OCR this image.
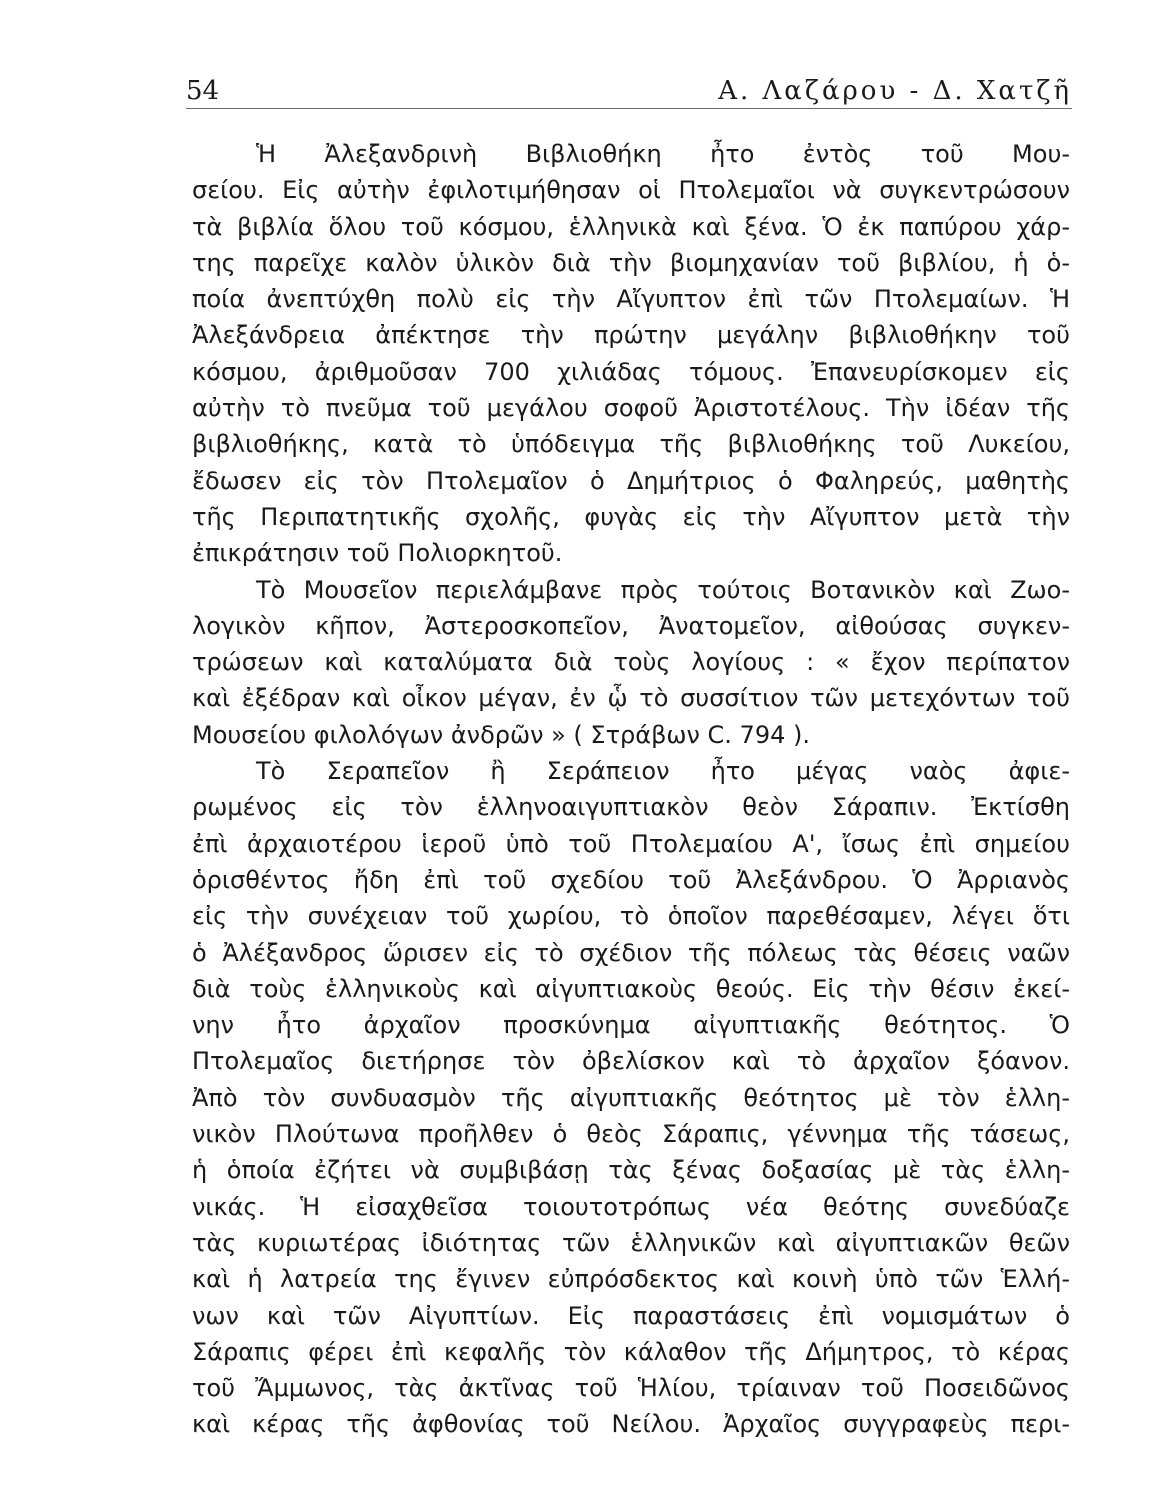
54	Α. Λαζάρου - Δ. Χατζῆ
Ἡ Ἀλεξανδρινὴ Βιβλιοθήκη ἦτο ἐντὸς τοῦ Μου-
σείου. Εἰς αὐτὴν ἐφιλοτιμήθησαν οἱ Πτολεμαῖοι νὰ συγκεντρώσουν
τὰ βιβλία ὅλου τοῦ κόσμου, ἑλληνικὰ καὶ ξένα. Ὁ ἐκ παπύρου χάρ-
της παρεῖχε καλὸν ὑλικὸν διὰ τὴν βιομηχανίαν τοῦ βιβλίου, ἡ ὁ-
ποία ἀνεπτύχθη πολὺ εἰς τὴν Αἴγυπτον ἐπὶ τῶν Πτολεμαίων. Ἡ
Ἀλεξάνδρεια ἀπέκτησε τὴν πρώτην μεγάλην βιβλιοθήκην τοῦ
κόσμου, ἀριθμοῦσαν 700 χιλιάδας τόμους. Ἐπανευρίσκομεν εἰς
αὐτὴν τὸ πνεῦμα τοῦ μεγάλου σοφοῦ Ἀριστοτέλους. Τὴν ἰδέαν τῆς
βιβλιοθήκης, κατὰ τὸ ὑπόδειγμα τῆς βιβλιοθήκης τοῦ Λυκείου,
ἔδωσεν εἰς τὸν Πτολεμαῖον ὁ Δημήτριος ὁ Φαληρεύς, μαθητὴς
τῆς Περιπατητικῆς σχολῆς, φυγὰς εἰς τὴν Αἴγυπτον μετὰ τὴν
ἐπικράτησιν τοῦ Πολιορκητοῦ.
Τὸ Μουσεῖον περιελάμβανε πρὸς τούτοις Βοτανικὸν καὶ Ζωο-
λογικὸν κῆπον, Ἀστεροσκοπεῖον, Ἀνατομεῖον, αἰθούσας συγκεν-
τρώσεων καὶ καταλύματα διὰ τοὺς λογίους : « ἔχον περίπατον
καὶ ἐξέδραν καὶ οἶκον μέγαν, ἐν ᾧ τὸ συσσίτιον τῶν μετεχόντων τοῦ
Μουσείου φιλολόγων ἀνδρῶν » ( Στράβων C. 794 ).
Τὸ Σεραπεῖον ἢ Σεράπειον ἦτο μέγας ναὸς ἀφιε-
ρωμένος εἰς τὸν ἑλληνοαιγυπτιακὸν θεὸν Σάραπιν. Ἐκτίσθη
ἐπὶ ἀρχαιοτέρου ἱεροῦ ὑπὸ τοῦ Πτολεμαίου Α', ἴσως ἐπὶ σημείου
ὁρισθέντος ἤδη ἐπὶ τοῦ σχεδίου τοῦ Ἀλεξάνδρου. Ὁ Ἀρριανὸς
εἰς τὴν συνέχειαν τοῦ χωρίου, τὸ ὁποῖον παρεθέσαμεν, λέγει ὅτι
ὁ Ἀλέξανδρος ὥρισεν εἰς τὸ σχέδιον τῆς πόλεως τὰς θέσεις ναῶν
διὰ τοὺς ἑλληνικοὺς καὶ αἰγυπτιακοὺς θεούς. Εἰς τὴν θέσιν ἐκεί-
νην ἦτο ἀρχαῖον προσκύνημα αἰγυπτιακῆς θεότητος. Ὁ
Πτολεμαῖος διετήρησε τὸν ὀβελίσκον καὶ τὸ ἀρχαῖον ξόανον.
Ἀπὸ τὸν συνδυασμὸν τῆς αἰγυπτιακῆς θεότητος μὲ τὸν ἑλλη-
νικὸν Πλούτωνα προῆλθεν ὁ θεὸς Σάραπις, γέννημα τῆς τάσεως,
ἡ ὁποία ἐζήτει νὰ συμβιβάσῃ τὰς ξένας δοξασίας μὲ τὰς ἑλλη-
νικάς. Ἡ εἰσαχθεῖσα τοιουτοτρόπως νέα θεότης συνεδύαζε
τὰς κυριωτέρας ἰδιότητας τῶν ἑλληνικῶν καὶ αἰγυπτιακῶν θεῶν
καὶ ἡ λατρεία της ἔγινεν εὐπρόσδεκτος καὶ κοινὴ ὑπὸ τῶν Ἑλλή-
νων καὶ τῶν Αἰγυπτίων. Εἰς παραστάσεις ἐπὶ νομισμάτων ὁ
Σάραπις φέρει ἐπὶ κεφαλῆς τὸν κάλαθον τῆς Δήμητρος, τὸ κέρας
τοῦ Ἄμμωνος, τὰς ἀκτῖνας τοῦ Ἡλίου, τρίαιναν τοῦ Ποσειδῶνος
καὶ κέρας τῆς ἀφθονίας τοῦ Νείλου. Ἀρχαῖος συγγραφεὺς περι-
